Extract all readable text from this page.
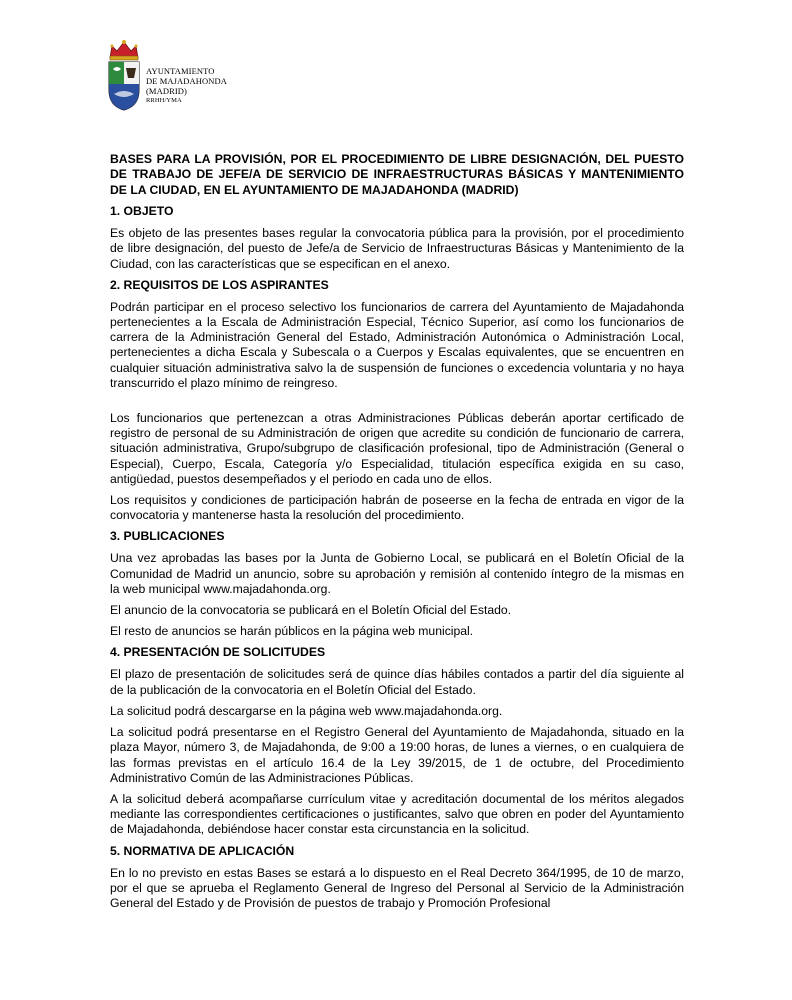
AYUNTAMIENTO
DE MAJADAHONDA
(MADRID)
RRHH/YMA
BASES PARA LA PROVISIÓN, POR EL PROCEDIMIENTO DE LIBRE DESIGNACIÓN, DEL PUESTO DE TRABAJO DE JEFE/A DE SERVICIO DE INFRAESTRUCTURAS BÁSICAS Y MANTENIMIENTO DE LA CIUDAD, EN EL AYUNTAMIENTO DE MAJADAHONDA (MADRID)
1. OBJETO
Es objeto de las presentes bases regular la convocatoria pública para la provisión, por el procedimiento de libre designación, del puesto de Jefe/a de Servicio de Infraestructuras Básicas y Mantenimiento de la Ciudad, con las características que se especifican en el anexo.
2. REQUISITOS DE LOS ASPIRANTES
Podrán participar en el proceso selectivo los funcionarios de carrera del Ayuntamiento de Majadahonda pertenecientes a la Escala de Administración Especial, Técnico Superior, así como los funcionarios de carrera de la Administración General del Estado, Administración Autonómica o Administración Local, pertenecientes a dicha Escala y Subescala o a Cuerpos y Escalas equivalentes, que se encuentren en cualquier situación administrativa salvo la de suspensión de funciones o excedencia voluntaria y no haya transcurrido el plazo mínimo de reingreso.
Los funcionarios que pertenezcan a otras Administraciones Públicas deberán aportar certificado de registro de personal de su Administración de origen que acredite su condición de funcionario de carrera, situación administrativa, Grupo/subgrupo de clasificación profesional, tipo de Administración (General o Especial), Cuerpo, Escala, Categoría y/o Especialidad, titulación específica exigida en su caso, antigüedad, puestos desempeñados y el periodo en cada uno de ellos.
Los requisitos y condiciones de participación habrán de poseerse en la fecha de entrada en vigor de la convocatoria y mantenerse hasta la resolución del procedimiento.
3. PUBLICACIONES
Una vez aprobadas las bases por la Junta de Gobierno Local, se publicará en el Boletín Oficial de la Comunidad de Madrid un anuncio, sobre su aprobación y remisión al contenido íntegro de la mismas en la web municipal www.majadahonda.org.
El anuncio de la convocatoria se publicará en el Boletín Oficial del Estado.
El resto de anuncios se harán públicos en la página web municipal.
4. PRESENTACIÓN DE SOLICITUDES
El plazo de presentación de solicitudes será de quince días hábiles contados a partir del día siguiente al de la publicación de la convocatoria en el Boletín Oficial del Estado.
La solicitud podrá descargarse en la página web www.majadahonda.org.
La solicitud podrá presentarse en el Registro General del Ayuntamiento de Majadahonda, situado en la plaza Mayor, número 3, de Majadahonda, de 9:00 a 19:00 horas, de lunes a viernes, o en cualquiera de las formas previstas en el artículo 16.4 de la Ley 39/2015, de 1 de octubre, del Procedimiento Administrativo Común de las Administraciones Públicas.
A la solicitud deberá acompañarse currículum vitae y acreditación documental de los méritos alegados mediante las correspondientes certificaciones o justificantes, salvo que obren en poder del Ayuntamiento de Majadahonda, debiéndose hacer constar esta circunstancia en la solicitud.
5. NORMATIVA DE APLICACIÓN
En lo no previsto en estas Bases se estará a lo dispuesto en el Real Decreto 364/1995, de 10 de marzo, por el que se aprueba el Reglamento General de Ingreso del Personal al Servicio de la Administración General del Estado y de Provisión de puestos de trabajo y Promoción Profesional
